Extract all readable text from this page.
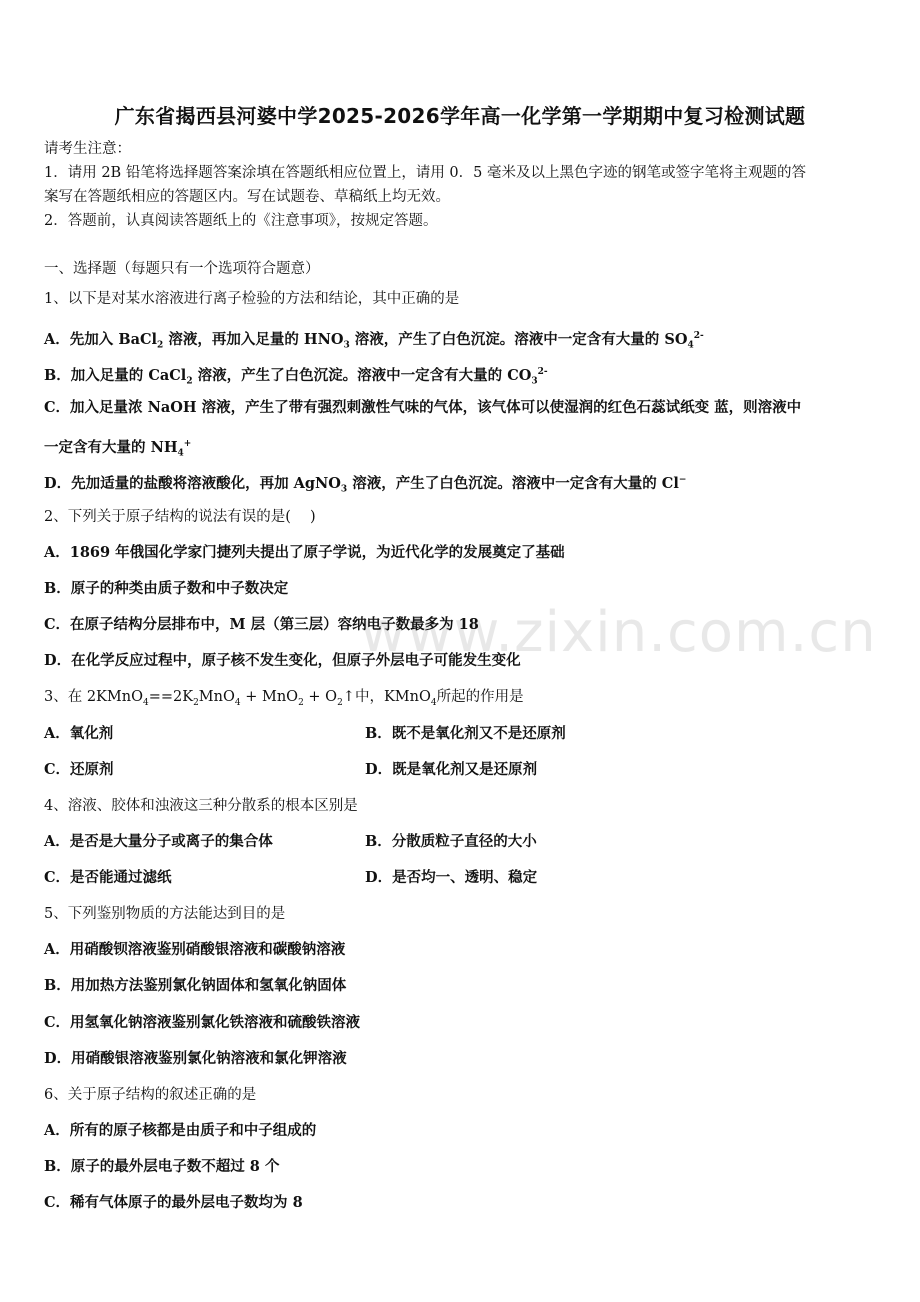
广东省揭西县河婆中学2025-2026学年高一化学第一学期期中复习检测试题
请考生注意：
1．请用 2B 铅笔将选择题答案涂填在答题纸相应位置上，请用 0．5 毫米及以上黑色字迹的钢笔或签字笔将主观题的答
案写在答题纸相应的答题区内。写在试题卷、草稿纸上均无效。
2．答题前，认真阅读答题纸上的《注意事项》，按规定答题。
一、选择题（每题只有一个选项符合题意）
1、以下是对某水溶液进行离子检验的方法和结论，其中正确的是
A．先加入 BaCl$_2$ 溶液，再加入足量的 $HNO_3$ 溶液，产生了白色沉淀。溶液中一定含有大量的 $SO_4^{2-}$
B．加入足量的 CaCl$_2$ 溶液，产生了白色沉淀。溶液中一定含有大量的 $CO_3^{2-}$
C．加入足量浓 NaOH 溶液，产生了带有强烈刺激性气味的气体，该气体可以使湿润的红色石蕊试纸变 蓝，则溶液中
一定含有大量的 $NH_4^+$
D．先加适量的盐酸将溶液酸化，再加 AgNO$_3$ 溶液，产生了白色沉淀。溶液中一定含有大量的 Cl−
2、下列关于原子结构的说法有误的是(　 )
A．1869 年俄国化学家门捷列夫提出了原子学说，为近代化学的发展奠定了基础
B．原子的种类由质子数和中子数决定
C．在原子结构分层排布中，M 层（第三层）容纳电子数最多为 18
D．在化学反应过程中，原子核不发生变化，但原子外层电子可能发生变化
3、在 $2KMnO_4==2K_2MnO_4 + MnO_2$ + $O_2↑$中，KMnO$_4$所起的作用是
A．氧化剂	B．既不是氧化剂又不是还原剂
C．还原剂	D．既是氧化剂又是还原剂
4、溶液、胶体和浊液这三种分散系的根本区别是
A．是否是大量分子或离子的集合体	B．分散质粒子直径的大小
C．是否能通过滤纸	D．是否均一、透明、稳定
5、下列鉴别物质的方法能达到目的是
A．用硝酸钡溶液鉴别硝酸银溶液和碳酸钠溶液
B．用加热方法鉴别氯化钠固体和氢氧化钠固体
C．用氢氧化钠溶液鉴别氯化铁溶液和硫酸铁溶液
D．用硝酸银溶液鉴别氯化钠溶液和氯化钾溶液
6、关于原子结构的叙述正确的是
A．所有的原子核都是由质子和中子组成的
B．原子的最外层电子数不超过 8 个
C．稀有气体原子的最外层电子数均为 8
www.zixin.com.cn
